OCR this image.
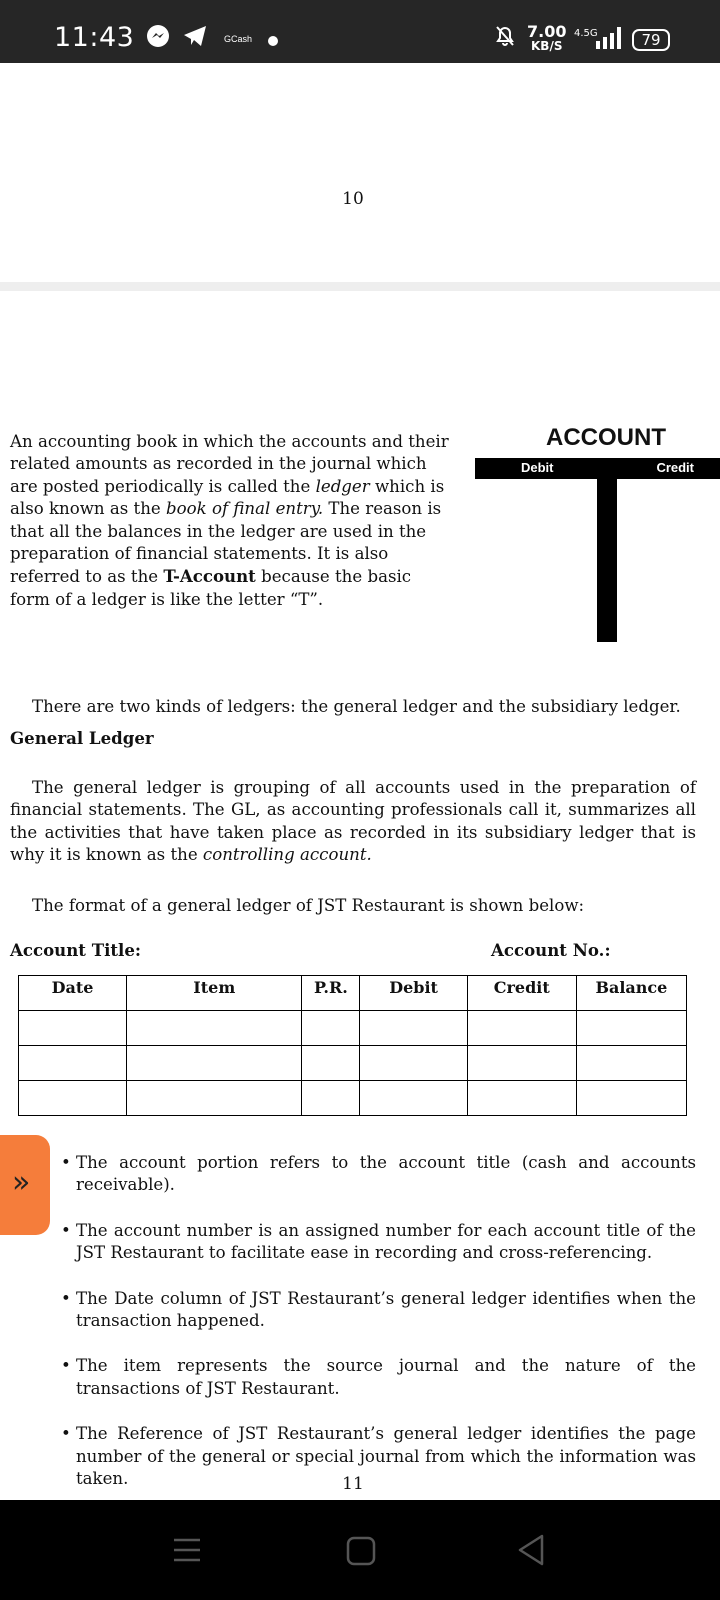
11:43	GCash	7.00
KB/S
4.5G	79
10

An accounting book in which the accounts and their related amounts as recorded in the journal which are posted periodically is called the ledger which is also known as the book of final entry. The reason is that all the balances in the ledger are used in the preparation of financial statements. It is also referred to as the T-Account because the basic form of a ledger is like the letter “T”.

ACCOUNT
Debit	Credit

There are two kinds of ledgers: the general ledger and the subsidiary ledger.

General Ledger

The general ledger is grouping of all accounts used in the preparation of financial statements. The GL, as accounting professionals call it, summarizes all the activities that have taken place as recorded in its subsidiary ledger that is why it is known as the controlling account.

The format of a general ledger of JST Restaurant is shown below:

Account Title:	Account No.:
Date	Item	P.R.	Debit	Credit	Balance

»
• The account portion refers to the account title (cash and accounts receivable).
• The account number is an assigned number for each account title of the JST Restaurant to facilitate ease in recording and cross-referencing.
• The Date column of JST Restaurant’s general ledger identifies when the transaction happened.
• The item represents the source journal and the nature of the transactions of JST Restaurant.
• The Reference of JST Restaurant’s general ledger identifies the page number of the general or special journal from which the information was taken.	11
